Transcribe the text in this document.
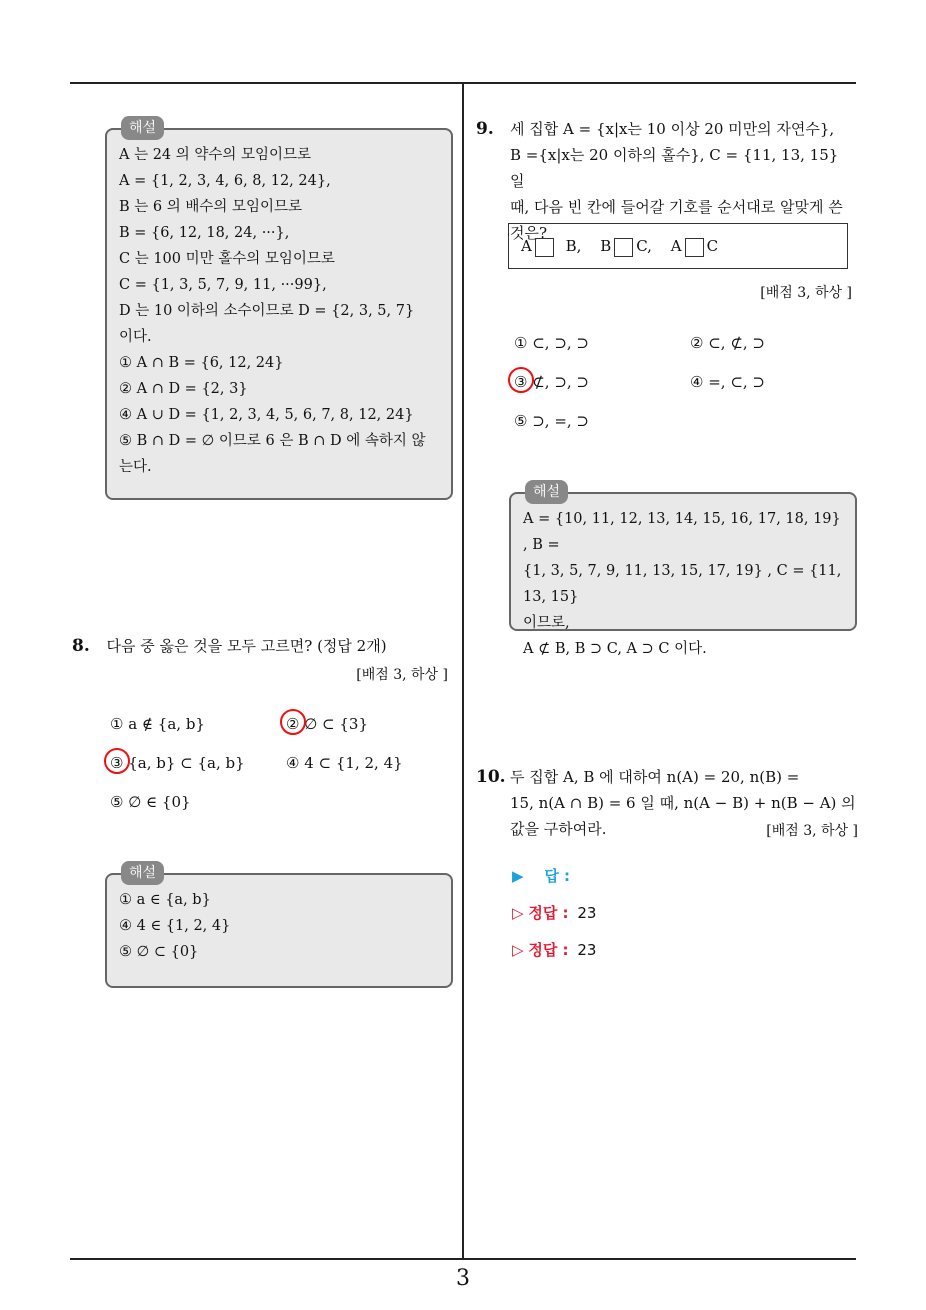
3
해설
A 는 24 의 약수의 모임이므로
A = {1, 2, 3, 4, 6, 8, 12, 24},
B 는 6 의 배수의 모임이므로
B = {6, 12, 18, 24, ···},
C 는 100 미만 홀수의 모임이므로
C = {1, 3, 5, 7, 9, 11, ···99},
D 는 10 이하의 소수이므로 D = {2, 3, 5, 7}
이다.
① A ∩ B = {6, 12, 24}
② A ∩ D = {2, 3}
④ A ∪ D = {1, 2, 3, 4, 5, 6, 7, 8, 12, 24}
⑤ B ∩ D = ∅ 이므로 6 은 B ∩ D 에 속하지 않
는다.
8. 다음 중 옳은 것을 모두 고르면? (정답 2개)
[배점 3, 하상 ]
① a ∉ {a, b}	② ∅ ⊂ {3}
③ {a, b} ⊂ {a, b}	④ 4 ⊂ {1, 2, 4}
⑤ ∅ ∈ {0}
해설
① a ∈ {a, b}
④ 4 ∈ {1, 2, 4}
⑤ ∅ ⊂ {0}
9. 세 집합 A = {x|x는 10 이상 20 미만의 자연수},
B ={x|x는 20 이하의 홀수}, C = {11, 13, 15} 일
때, 다음 빈 칸에 들어갈 기호를 순서대로 알맞게 쓴
것은?
A B, B C, A C
[배점 3, 하상 ]
① ⊂, ⊃, ⊃	② ⊂, ⊄, ⊃
③ ⊄, ⊃, ⊃	④ =, ⊂, ⊃
⑤ ⊃, =, ⊃
해설
A = {10, 11, 12, 13, 14, 15, 16, 17, 18, 19} , B =
{1, 3, 5, 7, 9, 11, 13, 15, 17, 19} , C = {11, 13, 15}
이므로,
A ⊄ B, B ⊃ C, A ⊃ C 이다.
10. 두 집합 A, B 에 대하여 n(A) = 20, n(B) =
15, n(A ∩ B) = 6 일 때, n(A − B) + n(B − A) 의
값을 구하여라.	[배점 3, 하상 ]
▶ 답 :
▷ 정답 : 23
▷ 정답 : 23
